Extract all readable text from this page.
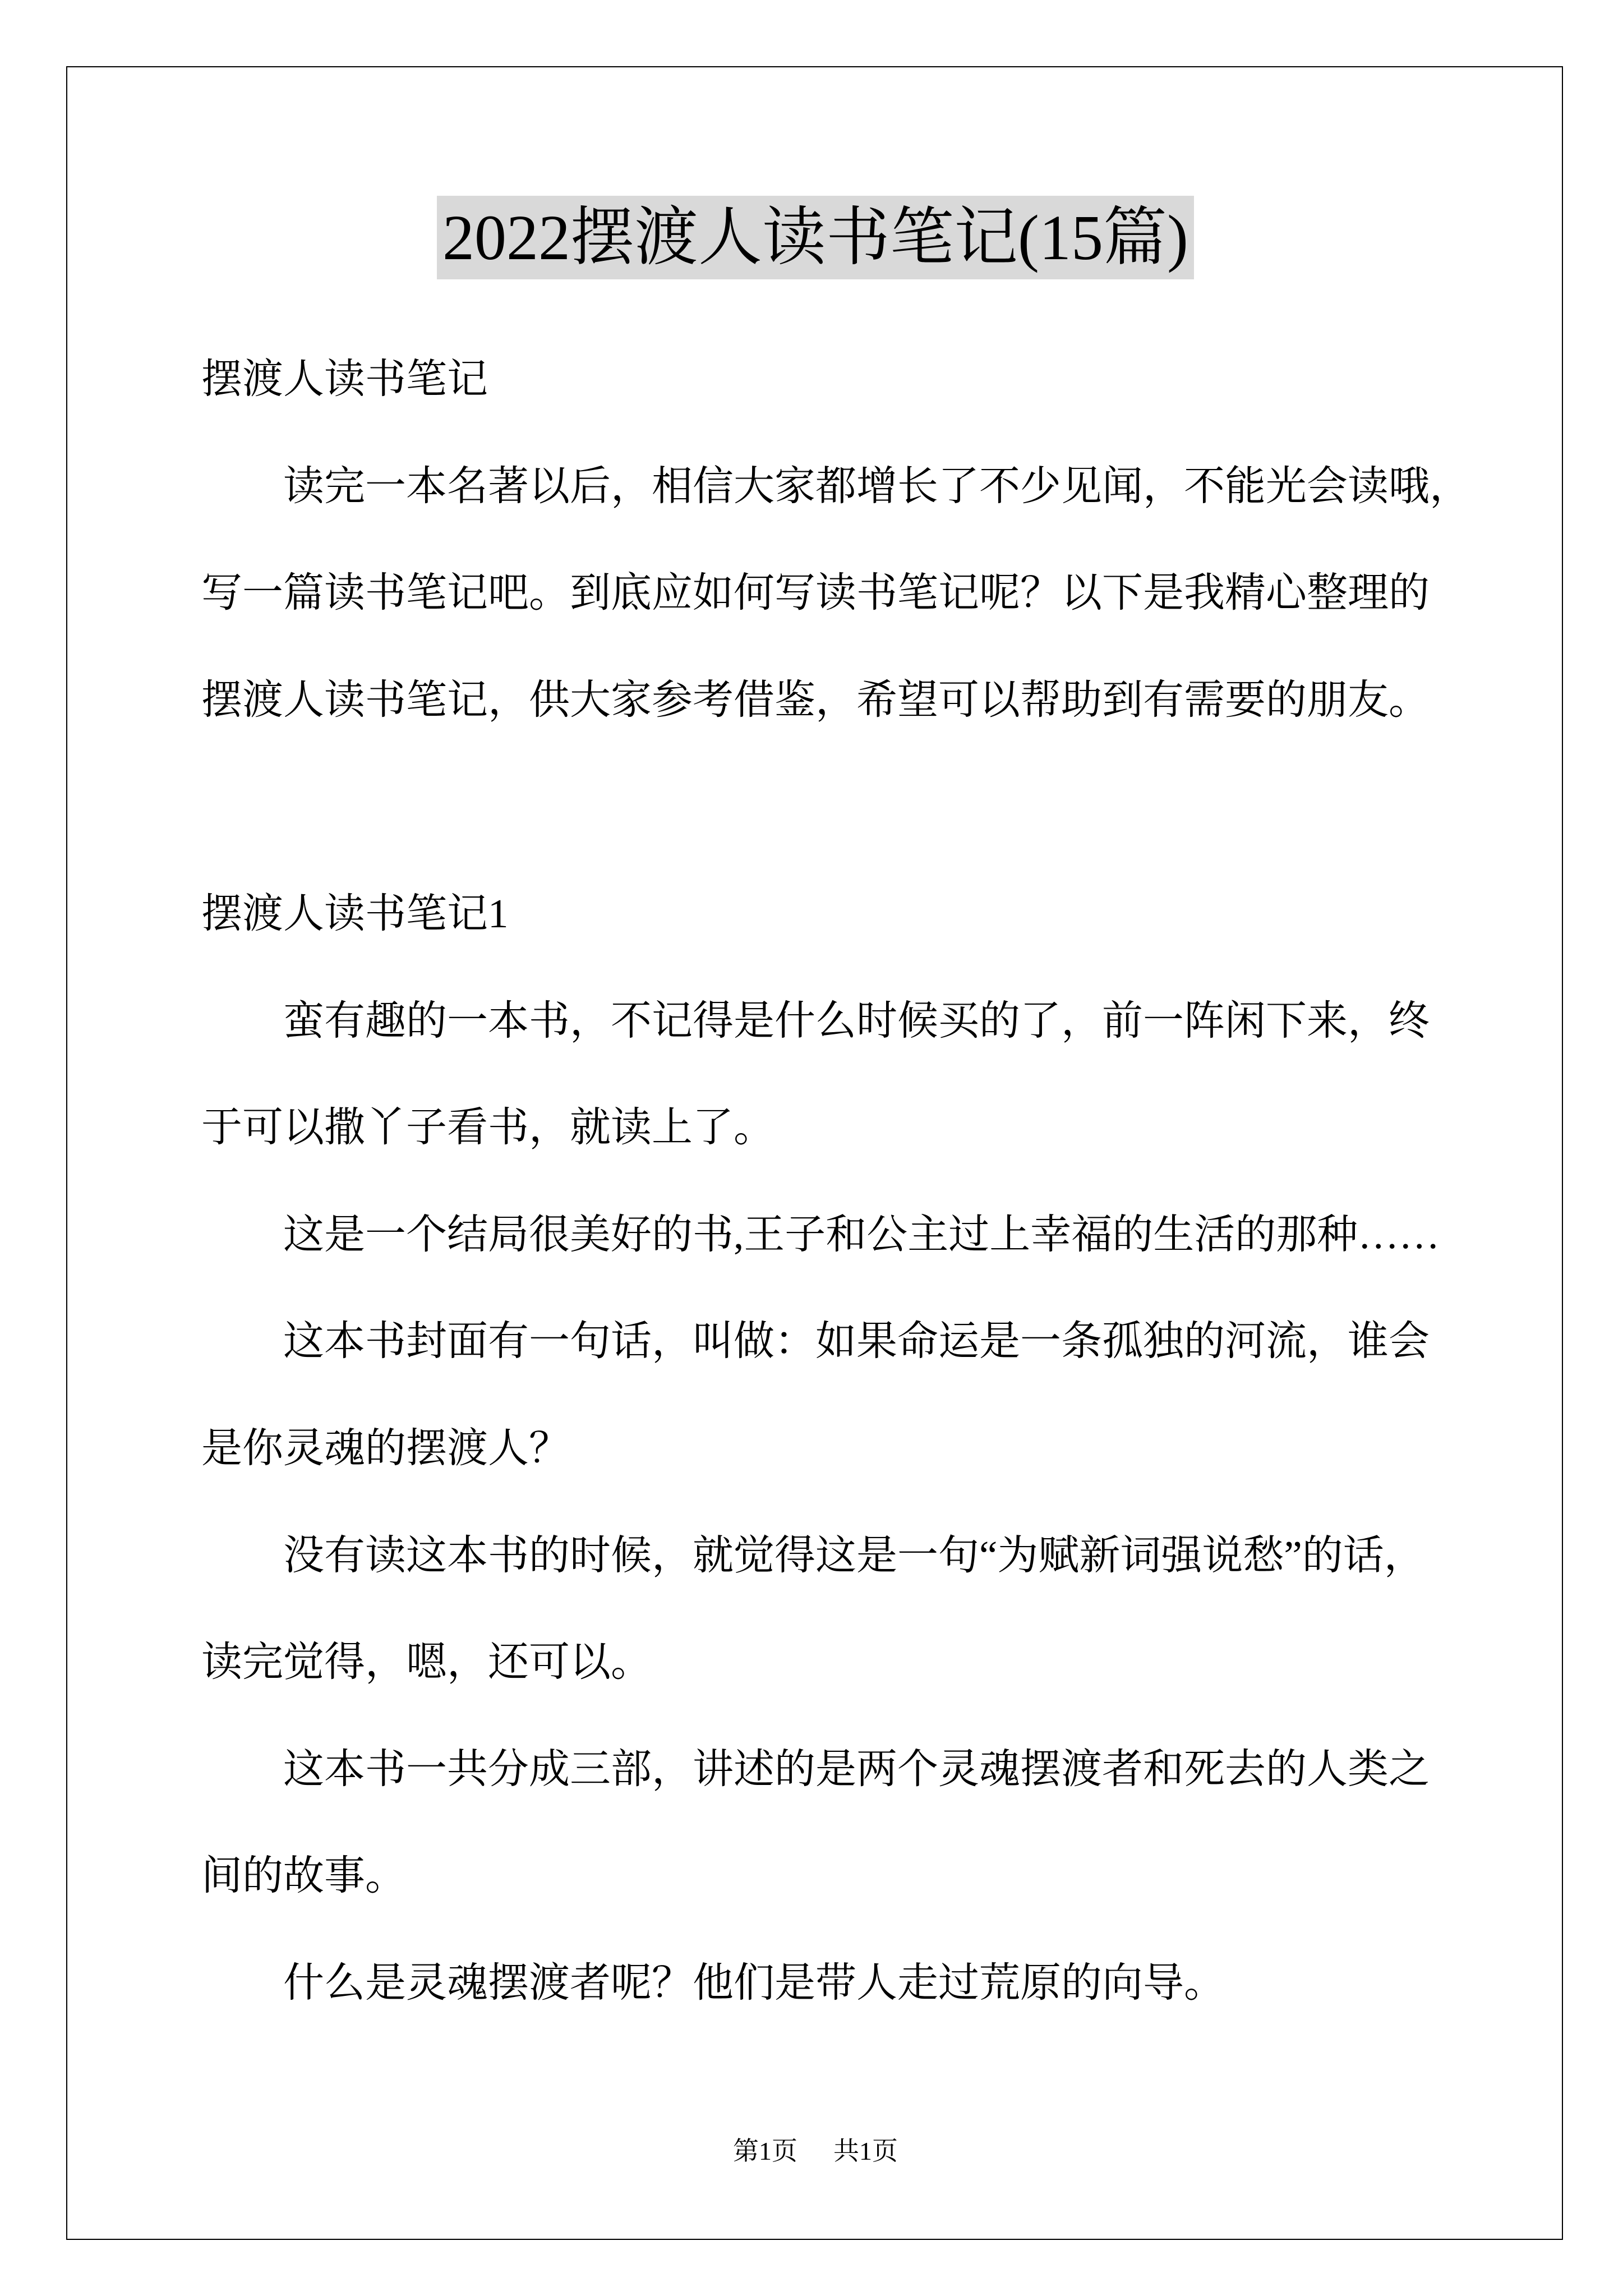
2022摆渡人读书笔记(15篇)
摆渡人读书笔记
读完一本名著以后，相信大家都增长了不少见闻，不能光会读哦，
写一篇读书笔记吧。到底应如何写读书笔记呢？以下是我精心整理的
摆渡人读书笔记，供大家参考借鉴，希望可以帮助到有需要的朋友。
摆渡人读书笔记1
蛮有趣的一本书，不记得是什么时候买的了，前一阵闲下来，终
于可以撒丫子看书，就读上了。
这是一个结局很美好的书,王子和公主过上幸福的生活的那种……
这本书封面有一句话，叫做：如果命运是一条孤独的河流，谁会
是你灵魂的摆渡人？
没有读这本书的时候，就觉得这是一句“为赋新词强说愁”的话，
读完觉得，嗯，还可以。
这本书一共分成三部，讲述的是两个灵魂摆渡者和死去的人类之
间的故事。
什么是灵魂摆渡者呢？他们是带人走过荒原的向导。
第1页 共1页
